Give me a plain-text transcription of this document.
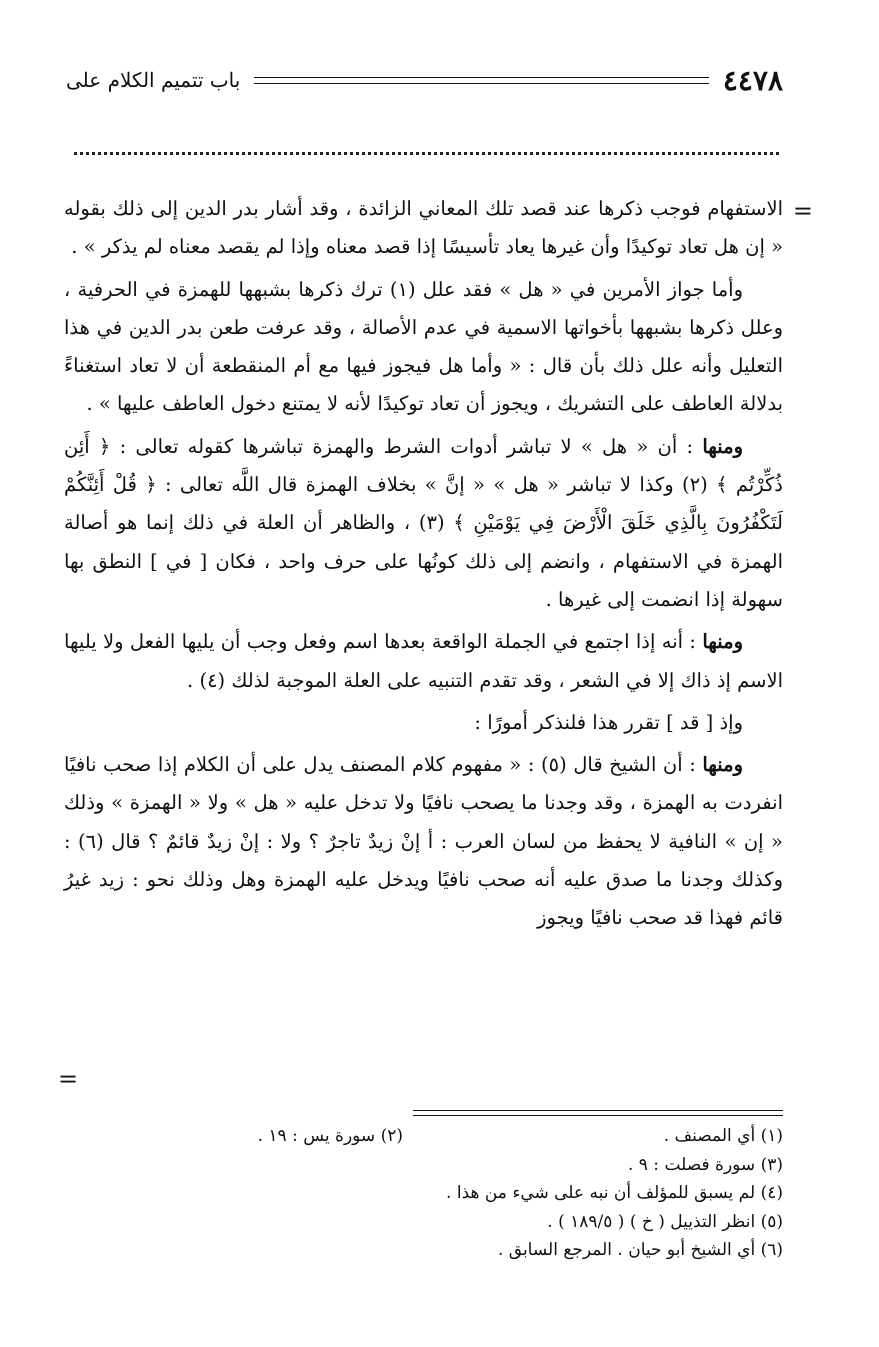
٤٤٧٨
باب تتميم الكلام على
=

الاستفهام فوجب ذكرها عند قصد تلك المعاني الزائدة ، وقد أشار بدر الدين إلى ذلك بقوله « إن هل تعاد توكيدًا وأن غيرها يعاد تأسيسًا إذا قصد معناه وإذا لم يقصد معناه لم يذكر » .

وأما جواز الأمرين في « هل » فقد علل (١) ترك ذكرها بشبهها للهمزة في الحرفية ، وعلل ذكرها بشبهها بأخواتها الاسمية في عدم الأصالة ، وقد عرفت طعن بدر الدين في هذا التعليل وأنه علل ذلك بأن قال : « وأما هل فيجوز فيها مع أم المنقطعة أن لا تعاد استغناءً بدلالة العاطف على التشريك ، ويجوز أن تعاد توكيدًا لأنه لا يمتنع دخول العاطف عليها » .

ومنها : أن « هل » لا تباشر أدوات الشرط والهمزة تباشرها كقوله تعالى : ﴿ أَئِن ذُكِّرْتُم ﴾ (٢) وكذا لا تباشر « هل » « إنَّ » بخلاف الهمزة قال اللَّه تعالى : ﴿ قُلْ أَئِنَّكُمْ لَتَكْفُرُونَ بِالَّذِي خَلَقَ الْأَرْضَ فِي يَوْمَيْنِ ﴾ (٣) ، والظاهر أن العلة في ذلك إنما هو أصالة الهمزة في الاستفهام ، وانضم إلى ذلك كونُها على حرف واحد ، فكان [ في ] النطق بها سهولة إذا انضمت إلى غيرها .

ومنها : أنه إذا اجتمع في الجملة الواقعة بعدها اسم وفعل وجب أن يليها الفعل ولا يليها الاسم إذ ذاك إلا في الشعر ، وقد تقدم التنبيه على العلة الموجبة لذلك (٤) .

وإذ [ قد ] تقرر هذا فلنذكر أمورًا :

ومنها : أن الشيخ قال (٥) : « مفهوم كلام المصنف يدل على أن الكلام إذا صحب نافيًا انفردت به الهمزة ، وقد وجدنا ما يصحب نافيًا ولا تدخل عليه « هل » ولا « الهمزة » وذلك « إن » النافية لا يحفظ من لسان العرب : أ إنْ زيدٌ تاجرٌ ؟ ولا : إنْ زيدٌ قائمٌ ؟ قال (٦) : وكذلك وجدنا ما صدق عليه أنه صحب نافيًا ويدخل عليه الهمزة وهل وذلك نحو : زيد غيرُ قائم فهذا قد صحب نافيًا ويجوز

=
(١) أي المصنف .
(٢) سورة يس : ١٩ .
(٣) سورة فصلت : ٩ .
(٤) لم يسبق للمؤلف أن نبه على شيء من هذا .
(٥) انظر التذييل ( خ ) ( ١٨٩/٥ ) .
(٦) أي الشيخ أبو حيان . المرجع السابق .
